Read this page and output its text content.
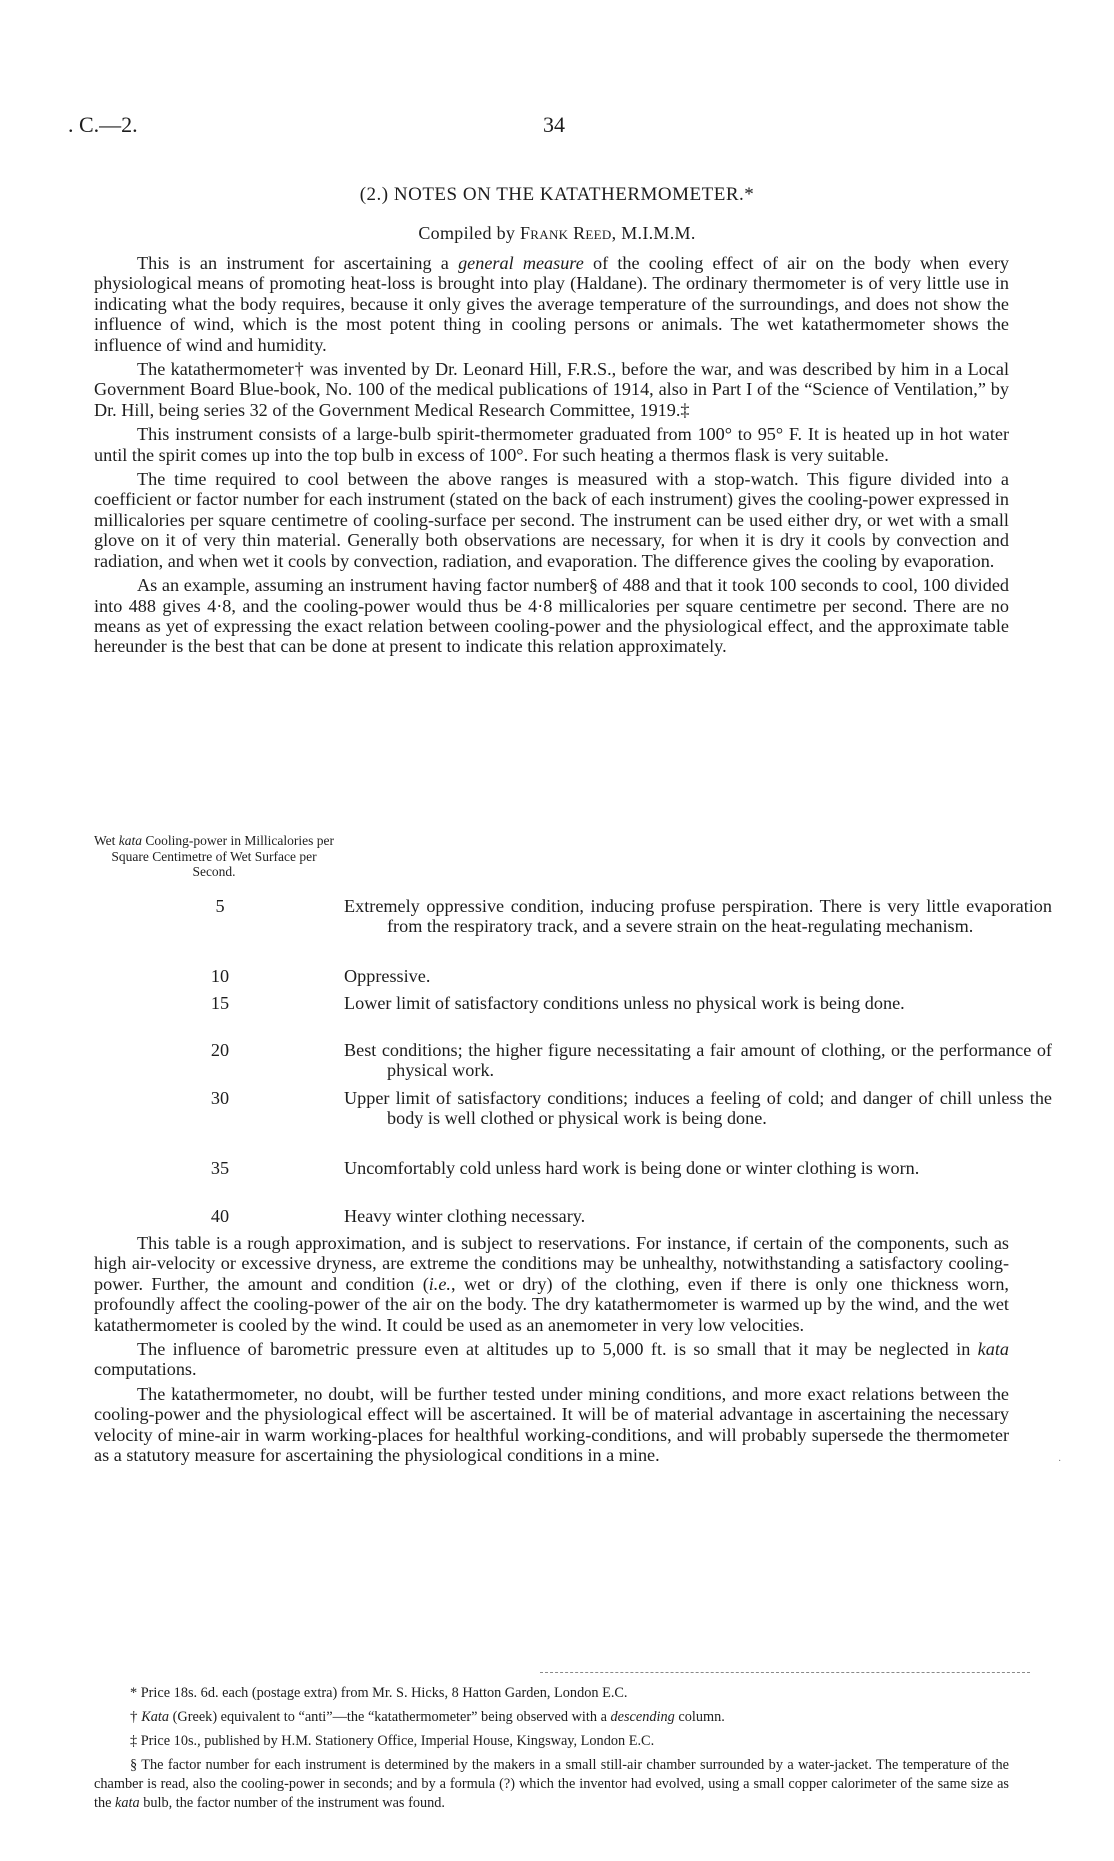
. C.—2.	34
(2.) NOTES ON THE KATATHERMOMETER.*
Compiled by Frank Reed, M.I.M.M.

This is an instrument for ascertaining a general measure of the cooling effect of air on the body when every physiological means of promoting heat-loss is brought into play (Haldane). The ordinary thermometer is of very little use in indicating what the body requires, because it only gives the average temperature of the surroundings, and does not show the influence of wind, which is the most potent thing in cooling persons or animals. The wet katathermometer shows the influence of wind and humidity.

The katathermometer† was invented by Dr. Leonard Hill, F.R.S., before the war, and was described by him in a Local Government Board Blue-book, No. 100 of the medical publications of 1914, also in Part I of the “Science of Ventilation,” by Dr. Hill, being series 32 of the Government Medical Research Committee, 1919.‡

This instrument consists of a large-bulb spirit-thermometer graduated from 100° to 95° F. It is heated up in hot water until the spirit comes up into the top bulb in excess of 100°. For such heating a thermos flask is very suitable.

The time required to cool between the above ranges is measured with a stop-watch. This figure divided into a coefficient or factor number for each instrument (stated on the back of each instrument) gives the cooling-power expressed in millicalories per square centimetre of cooling-surface per second. The instrument can be used either dry, or wet with a small glove on it of very thin material. Generally both observations are necessary, for when it is dry it cools by convection and radiation, and when wet it cools by convection, radiation, and evaporation. The difference gives the cooling by evaporation.

As an example, assuming an instrument having factor number§ of 488 and that it took 100 seconds to cool, 100 divided into 488 gives 4·8, and the cooling-power would thus be 4·8 millicalories per square centimetre per second. There are no means as yet of expressing the exact relation between cooling-power and the physiological effect, and the approximate table hereunder is the best that can be done at present to indicate this relation approximately.

Wet kata Cooling-power in Millicalories per Square Centimetre of Wet Surface per Second.
5	Extremely oppressive condition, inducing profuse perspiration. There is very little evaporation from the respiratory track, and a severe strain on the heat-regulating mechanism.
10	Oppressive.
15	Lower limit of satisfactory conditions unless no physical work is being done.
20	Best conditions; the higher figure necessitating a fair amount of clothing, or the performance of physical work.
30	Upper limit of satisfactory conditions; induces a feeling of cold; and danger of chill unless the body is well clothed or physical work is being done.
35	Uncomfortably cold unless hard work is being done or winter clothing is worn.
40	Heavy winter clothing necessary.

This table is a rough approximation, and is subject to reservations. For instance, if certain of the components, such as high air-velocity or excessive dryness, are extreme the conditions may be unhealthy, notwithstanding a satisfactory cooling-power. Further, the amount and condition (i.e., wet or dry) of the clothing, even if there is only one thickness worn, profoundly affect the cooling-power of the air on the body. The dry katathermometer is warmed up by the wind, and the wet katathermometer is cooled by the wind. It could be used as an anemometer in very low velocities.

The influence of barometric pressure even at altitudes up to 5,000 ft. is so small that it may be neglected in kata computations.

The katathermometer, no doubt, will be further tested under mining conditions, and more exact relations between the cooling-power and the physiological effect will be ascertained. It will be of material advantage in ascertaining the necessary velocity of mine-air in warm working-places for healthful working-conditions, and will probably supersede the thermometer as a statutory measure for ascertaining the physiological conditions in a mine.	·

* Price 18s. 6d. each (postage extra) from Mr. S. Hicks, 8 Hatton Garden, London E.C.

† Kata (Greek) equivalent to “anti”—the “katathermometer” being observed with a descending column.

‡ Price 10s., published by H.M. Stationery Office, Imperial House, Kingsway, London E.C.

§ The factor number for each instrument is determined by the makers in a small still-air chamber surrounded by a water-jacket. The temperature of the chamber is read, also the cooling-power in seconds; and by a formula (?) which the inventor had evolved, using a small copper calorimeter of the same size as the kata bulb, the factor number of the instrument was found.
